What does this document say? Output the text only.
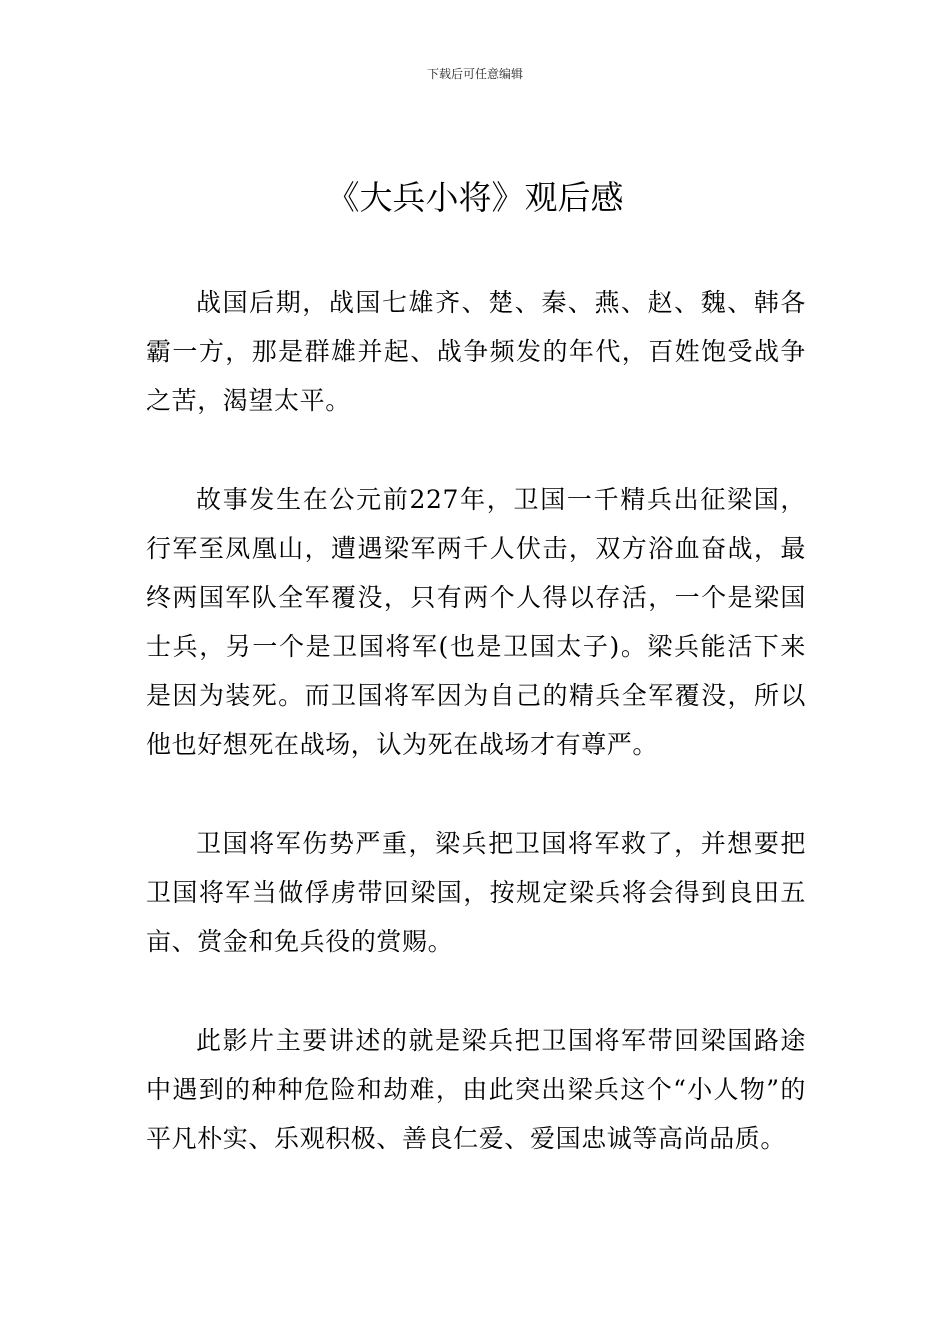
下载后可任意编辑
《大兵小将》观后感

战国后期，战国七雄齐、楚、秦、燕、赵、魏、韩各霸一方，那是群雄并起、战争频发的年代，百姓饱受战争之苦，渴望太平。

故事发生在公元前227年，卫国一千精兵出征梁国，行军至凤凰山，遭遇梁军两千人伏击，双方浴血奋战，最终两国军队全军覆没，只有两个人得以存活，一个是梁国士兵，另一个是卫国将军(也是卫国太子)。梁兵能活下来是因为装死。而卫国将军因为自己的精兵全军覆没，所以他也好想死在战场，认为死在战场才有尊严。

卫国将军伤势严重，梁兵把卫国将军救了，并想要把卫国将军当做俘虏带回梁国，按规定梁兵将会得到良田五亩、赏金和免兵役的赏赐。

此影片主要讲述的就是梁兵把卫国将军带回梁国路途中遇到的种种危险和劫难，由此突出梁兵这个“小人物”的平凡朴实、乐观积极、善良仁爱、爱国忠诚等高尚品质。
